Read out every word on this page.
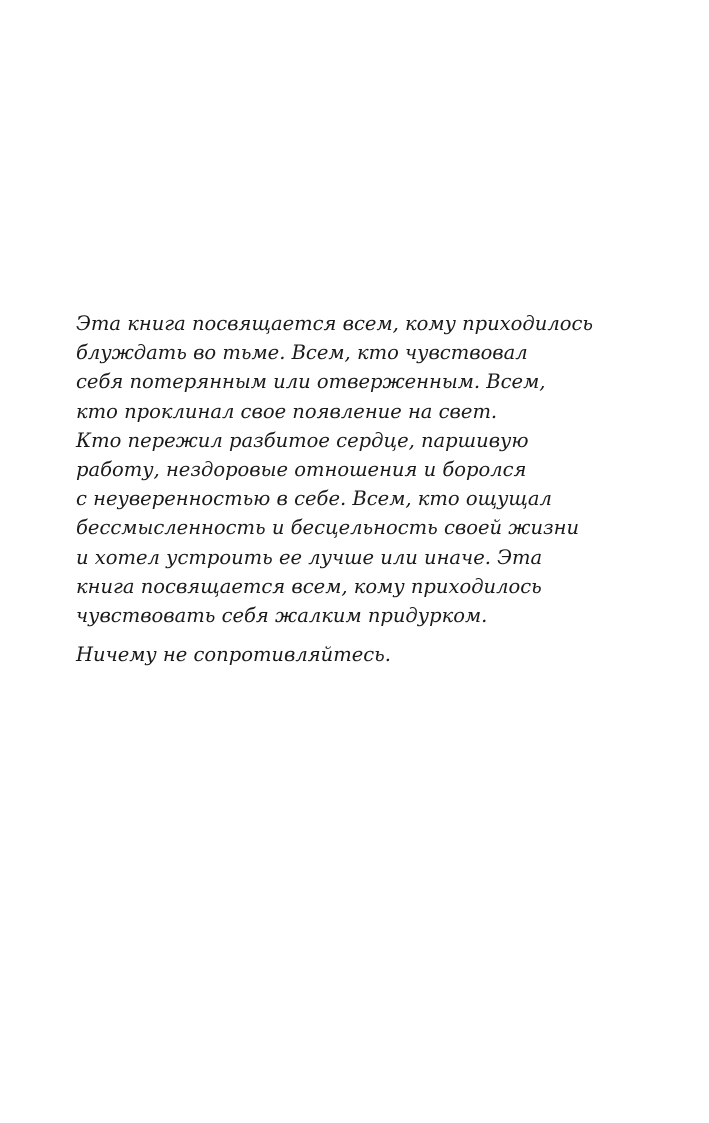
Эта книга посвящается всем, кому приходилось
блуждать во тьме. Всем, кто чувствовал
себя потерянным или отверженным. Всем,
кто проклинал свое появление на свет.
Кто пережил разбитое сердце, паршивую
работу, нездоровые отношения и боролся
с неуверенностью в себе. Всем, кто ощущал
бессмысленность и бесцельность своей жизни
и хотел устроить ее лучше или иначе. Эта
книга посвящается всем, кому приходилось
чувствовать себя жалким придурком.
Ничему не сопротивляйтесь.
